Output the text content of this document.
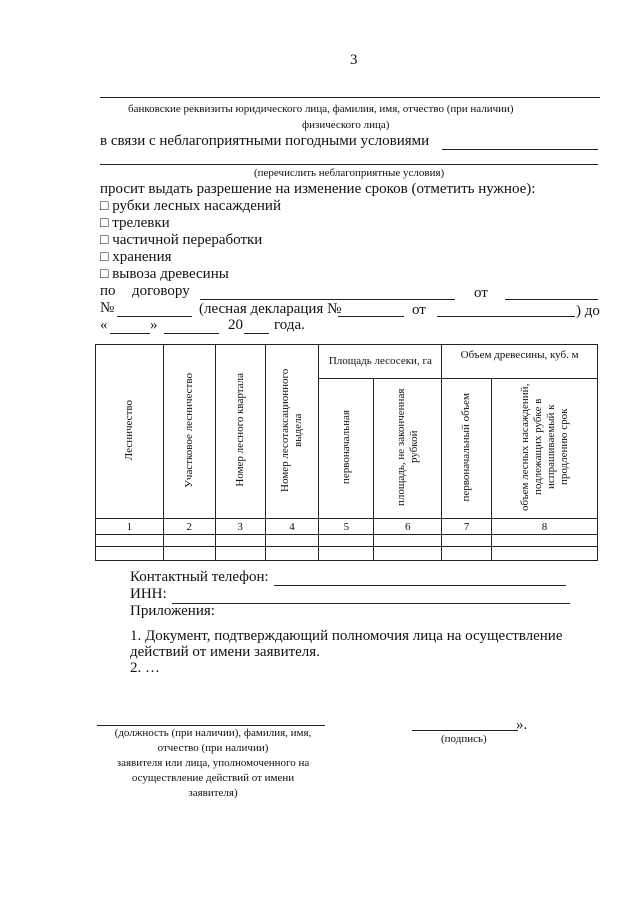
3
банковские реквизиты юридического лица, фамилия, имя, отчество (при наличии)
физического лица)
в связи с неблагоприятными погодными условиями
(перечислить неблагоприятные условия)
просит выдать разрешение на изменение сроков (отметить нужное):
□ рубки лесных насаждений
□ трелевки
□ частичной переработки
□ хранения
□ вывоза древесины
по договору	от
№	(лесная декларация №	от	) до
«	»	20 года.
Лесничество	Участковое лесничество	Номер лесного квартала	Номер лесотаксационного выдела	Площадь лесосеки, га		Объем древесины, куб. м	
				первоначальная	площадь, не законченная рубкой	первоначальный объем	объем лесных насаждений, подлежащих рубке в испрашиваемый к продлению срок
1	2	3	4	5	6	7	8

Контактный телефон:
ИНН:
Приложения:
1. Документ, подтверждающий полномочия лица на осуществление
действий от имени заявителя.
2. …
(должность (при наличии), фамилия, имя,
отчество (при наличии)
заявителя или лица, уполномоченного на
осуществление действий от имени
заявителя)
».
(подпись)
